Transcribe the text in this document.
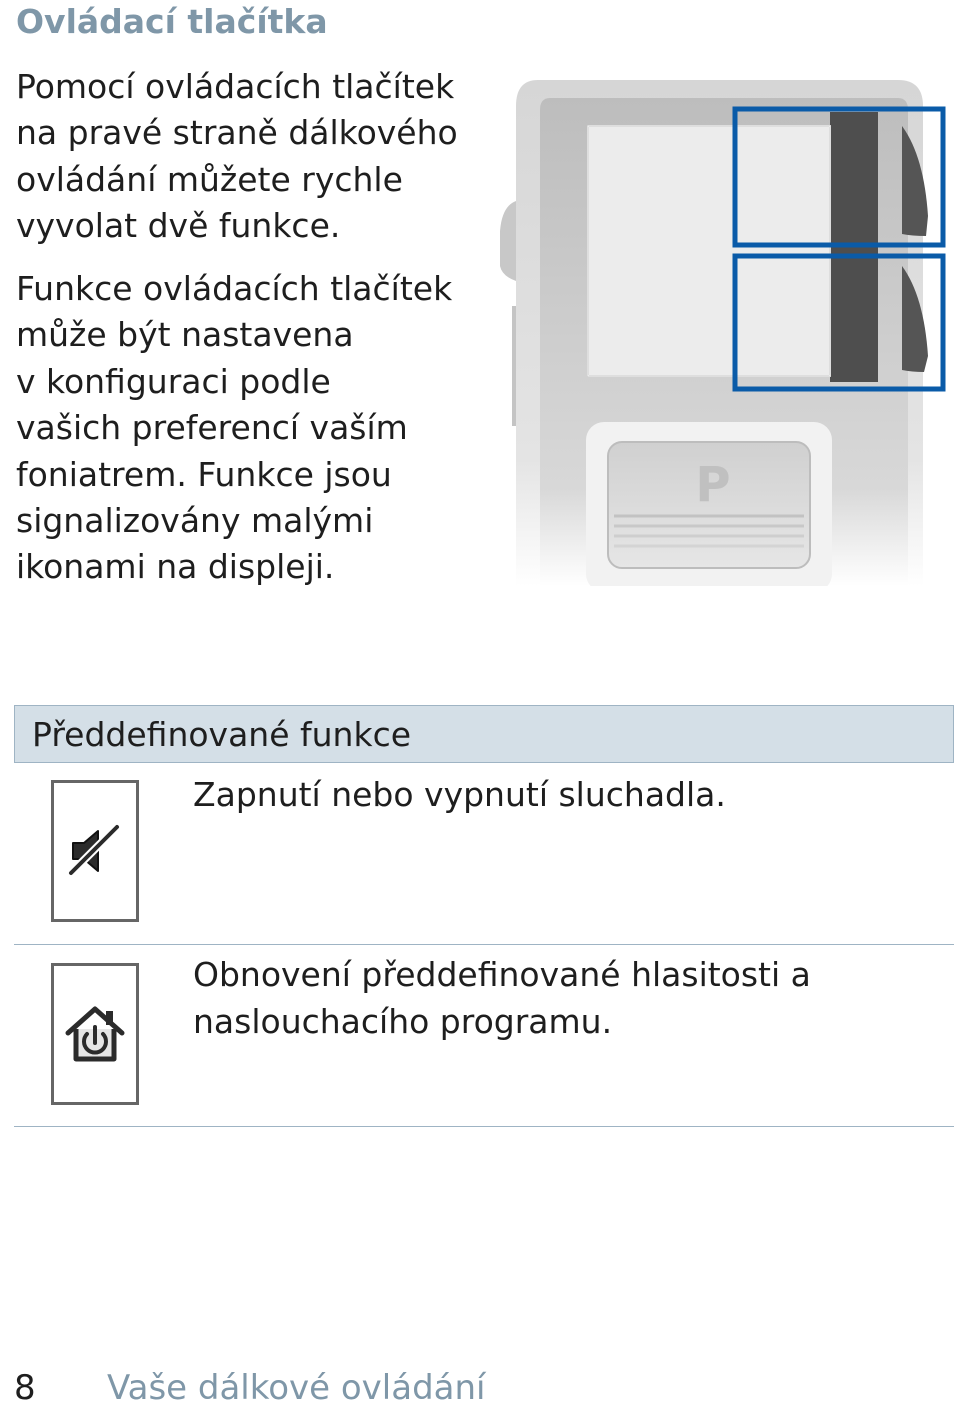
Ovládací tlačítka

Pomocí ovládacích tlačítek
na pravé straně dálkového
ovládání můžete rychle
vyvolat dvě funkce.

Funkce ovládacích tlačítek
může být nastavena
v konfiguraci podle
vašich preferencí vaším
foniatrem. Funkce jsou
signalizovány malými
ikonami na displeji.

P
Předdefinované funkce

Zapnutí nebo vypnutí sluchadla.

Obnovení předdefinované hlasitosti a
naslouchacího programu.

8 Vaše dálkové ovládání
